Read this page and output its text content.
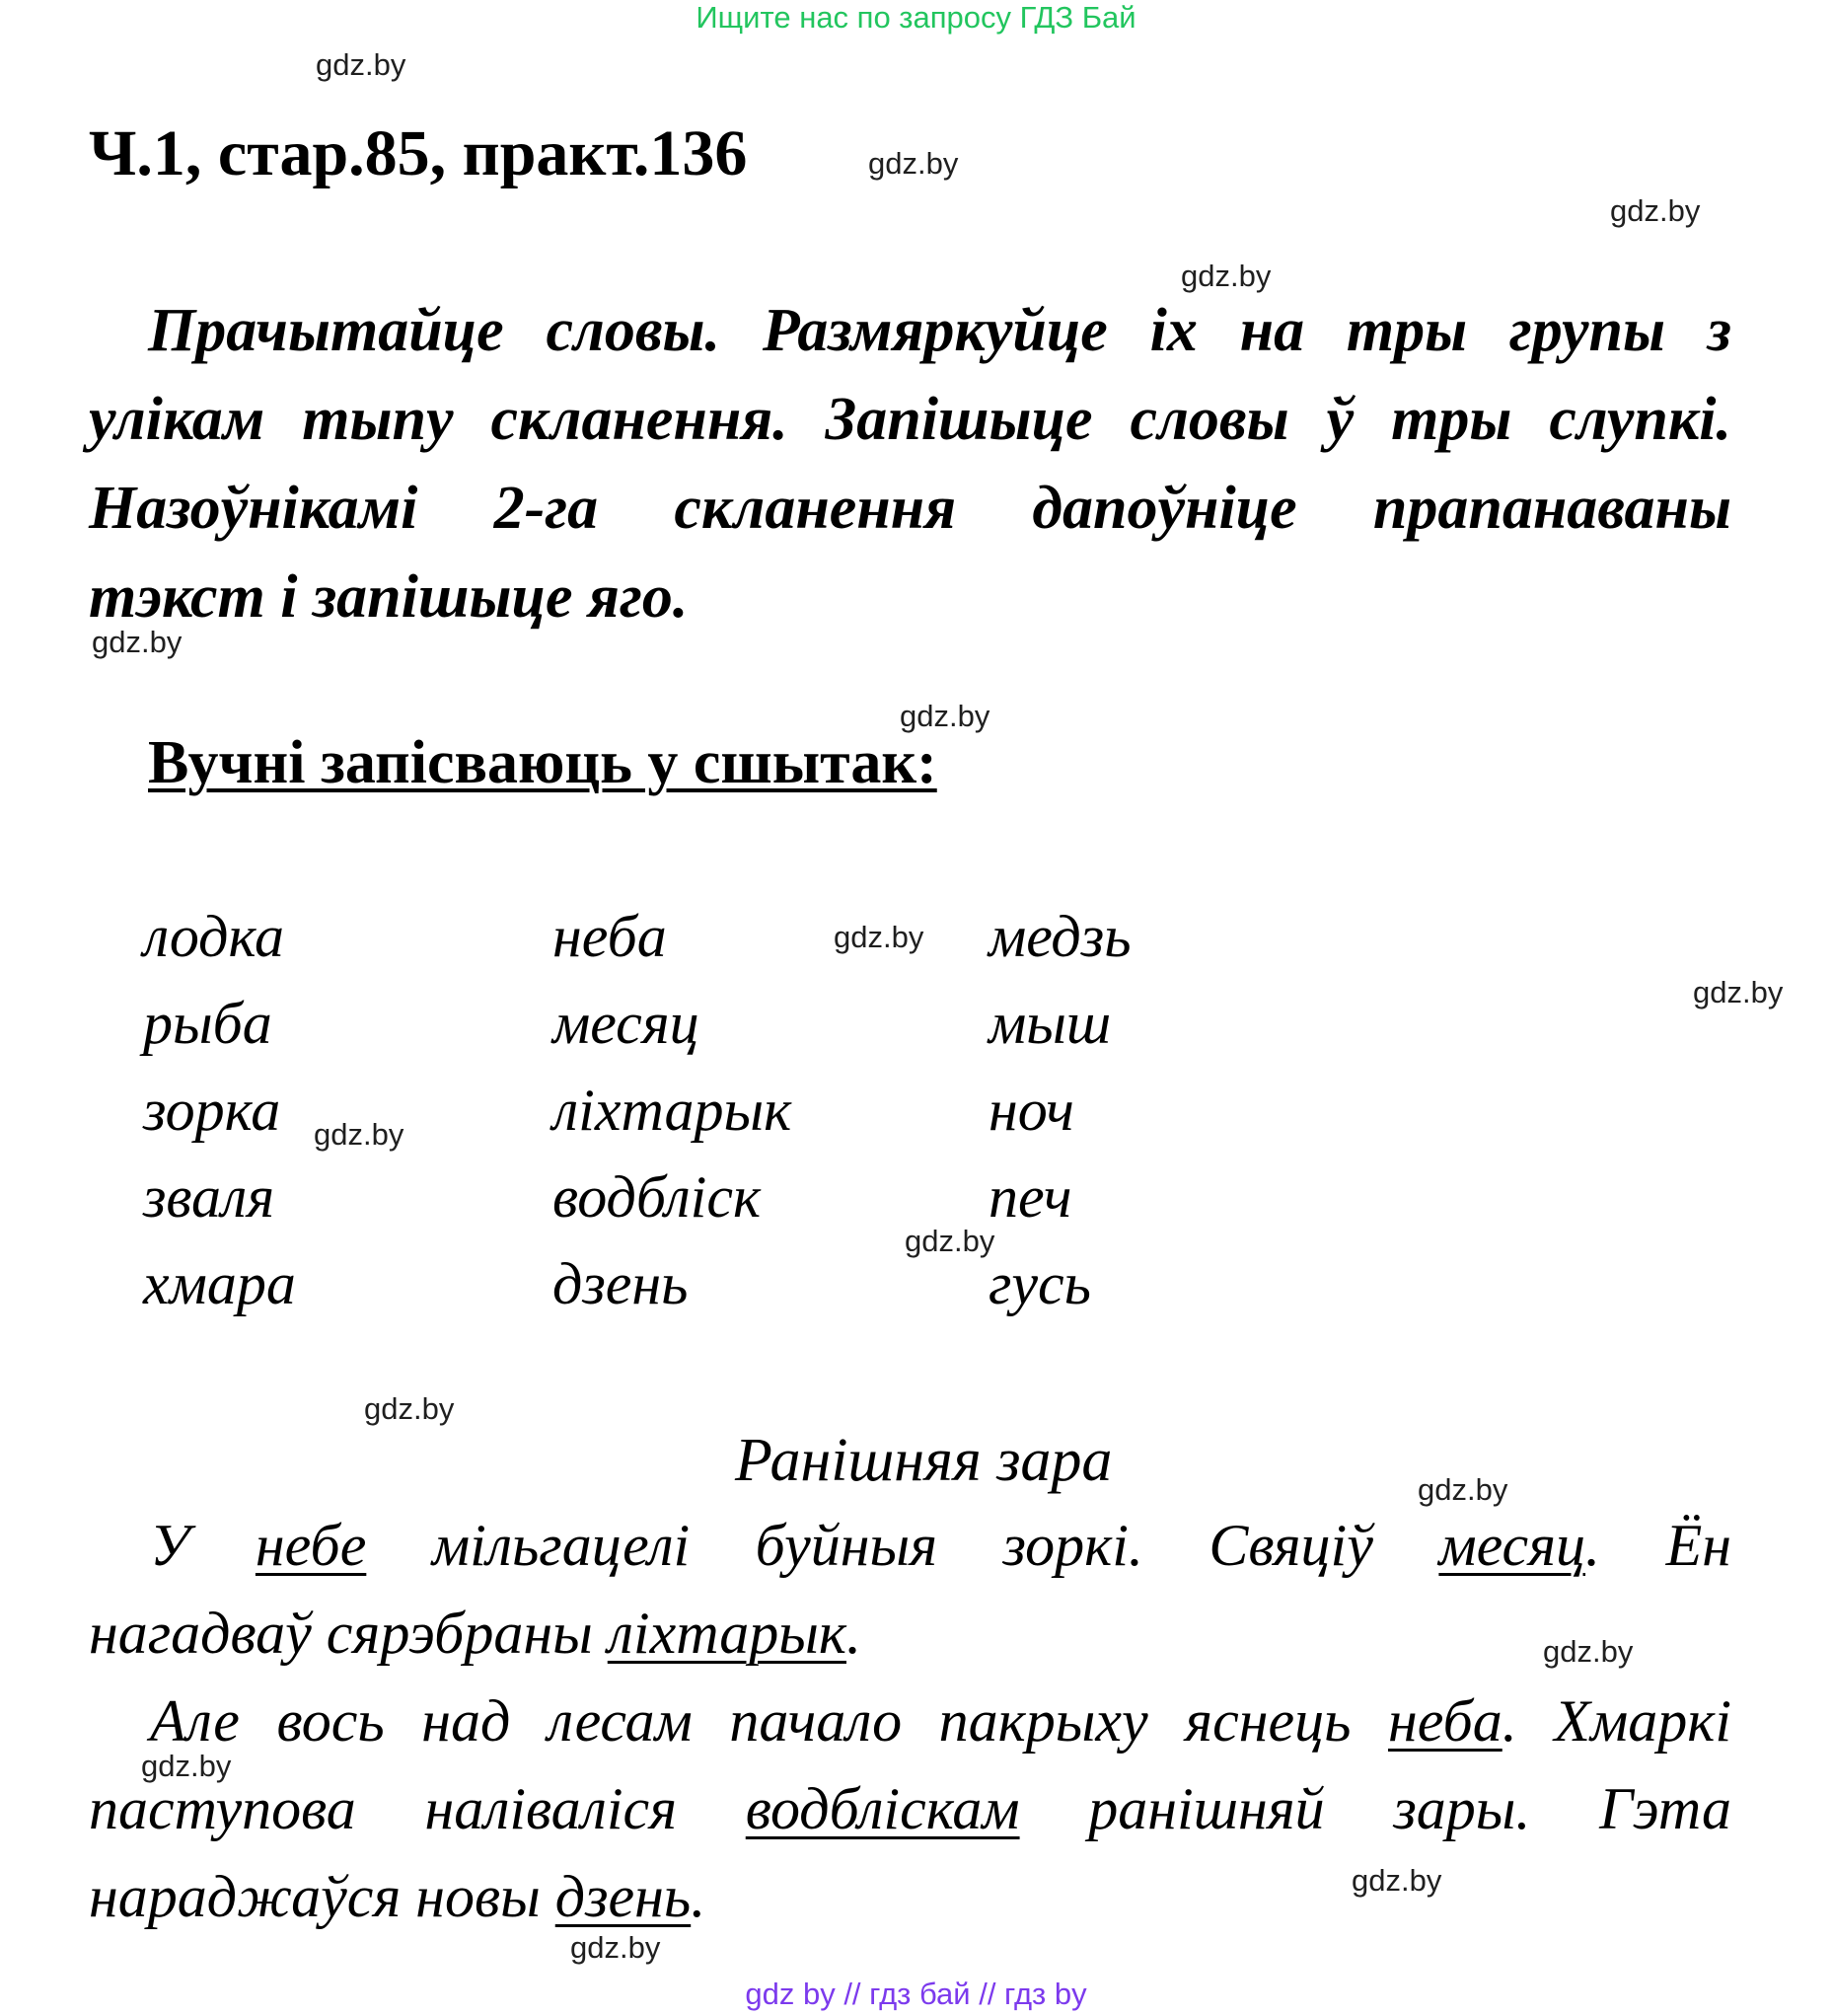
Ищите нас по запросу ГДЗ Бай
gdz.by
gdz.by
gdz.by
gdz.by
gdz.by
gdz.by
gdz.by
gdz.by
gdz.by
gdz.by
gdz.by
gdz.by
gdz.by
gdz.by
gdz.by
gdz.by
Ч.1, стар.85, практ.136
Прачытайце словы. Размяркуйце іх на тры групы з
улікам тыпу скланення. Запішыце словы ў тры слупкі.
Назоўнікамі 2-га скланення дапоўніце прапанаваны
тэкст і запішыце яго.
Вучні запісваюць у сшытак:
лодка
рыба
зорка
зваля
хмара
неба
месяц
ліхтарык
водбліск
дзень
медзь
мыш
ноч
печ
гусь
Ранішняя зара
У небе мільгацелі буйныя зоркі. Свяціў месяц. Ён
нагадваў сярэбраны ліхтарык.
Але вось над лесам пачало пакрыху яснець неба. Хмаркі
паступова наліваліся водбліскам ранішняй зары. Гэта
нараджаўся новы дзень.
gdz by // гдз бай // гдз by
